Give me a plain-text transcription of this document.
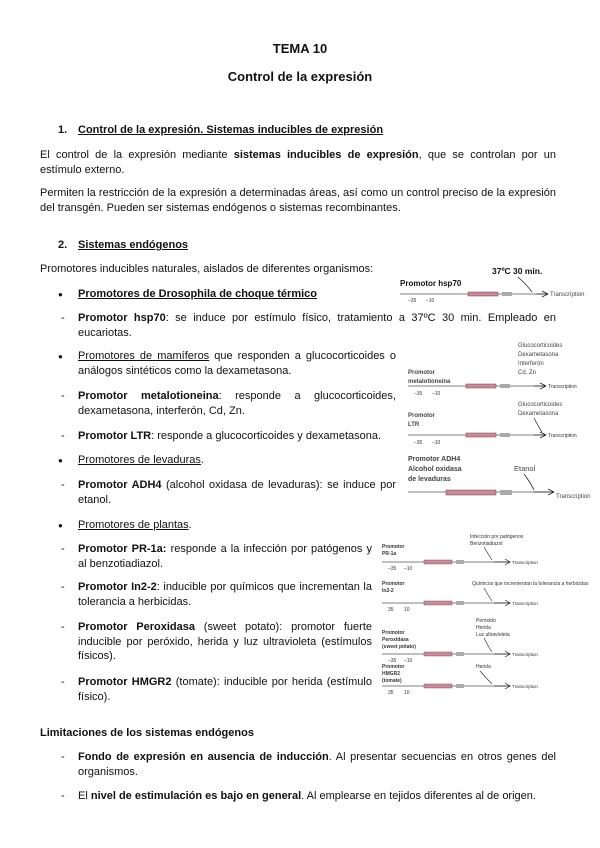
TEMA 10
Control de la expresión
1. Control de la expresión. Sistemas inducibles de expresión
El control de la expresión mediante sistemas inducibles de expresión, que se controlan por un estímulo externo.
Permiten la restricción de la expresión a determinadas áreas, así como un control preciso de la expresión del transgén. Pueden ser sistemas endógenos o sistemas recombinantes.
2. Sistemas endógenos
Promotores inducibles naturales, aislados de diferentes organismos:
● Promotores de Drosophila de choque térmico
- Promotor hsp70: se induce por estímulo físico, tratamiento a 37ºC 30 min. Empleado en eucariotas.
● Promotores de mamíferos que responden a glucocorticoides o análogos sintéticos como la dexametasona.
- Promotor metalotioneina: responde a glucocorticoides, dexametasona, interferón, Cd, Zn.
- Promotor LTR: responde a glucocorticoides y dexametasona.
● Promotores de levaduras.
- Promotor ADH4 (alcohol oxidasa de levaduras): se induce por etanol.
● Promotores de plantas.
- Promotor PR-1a: responde a la infección por patógenos y al benzotiadiazol.
- Promotor In2-2: inducible por químicos que incrementan la tolerancia a herbicidas.
- Promotor Peroxidasa (sweet potato): promotor fuerte inducible por peróxido, herida y luz ultravioleta (estímulos físicos).
- Promotor HMGR2 (tomate): inducible por herida (estímulo físico).
Limitaciones de los sistemas endógenos
- Fondo de expresión en ausencia de inducción. Al presentar secuencias en otros genes del organismos.
- El nivel de estimulación es bajo en general. Al emplearse en tejidos diferentes al de origen.
37ºC 30 min.
Promotor hsp70
Transcription
–35 –10
Glucocorticoides
Dexametasona
Interferón
Cd, Zn
Promotor
metalotioneina
Transcription
–35 –10
Glucocorticoides
Dexametasona
Promotor
LTR
Transcription
–35 –10
Promotor ADH4
Alcohol oxidasa
de levaduras
Etanol
Transcription
Infección por patógenos
Benzotiadiazol
Promotor
PR-1a
Transcription
–35 –10
Químicos que incrementan la tolerancia a herbicidas
Promotor
In2-2
Transcription
35 10
Peróxido
Herida
Luz ultravioleta
Promotor
Peroxidasa
(sweet potato)
Transcription
–35 –10
Herida
Promotor
HMGR2
(tomate)
Transcription
35 10
